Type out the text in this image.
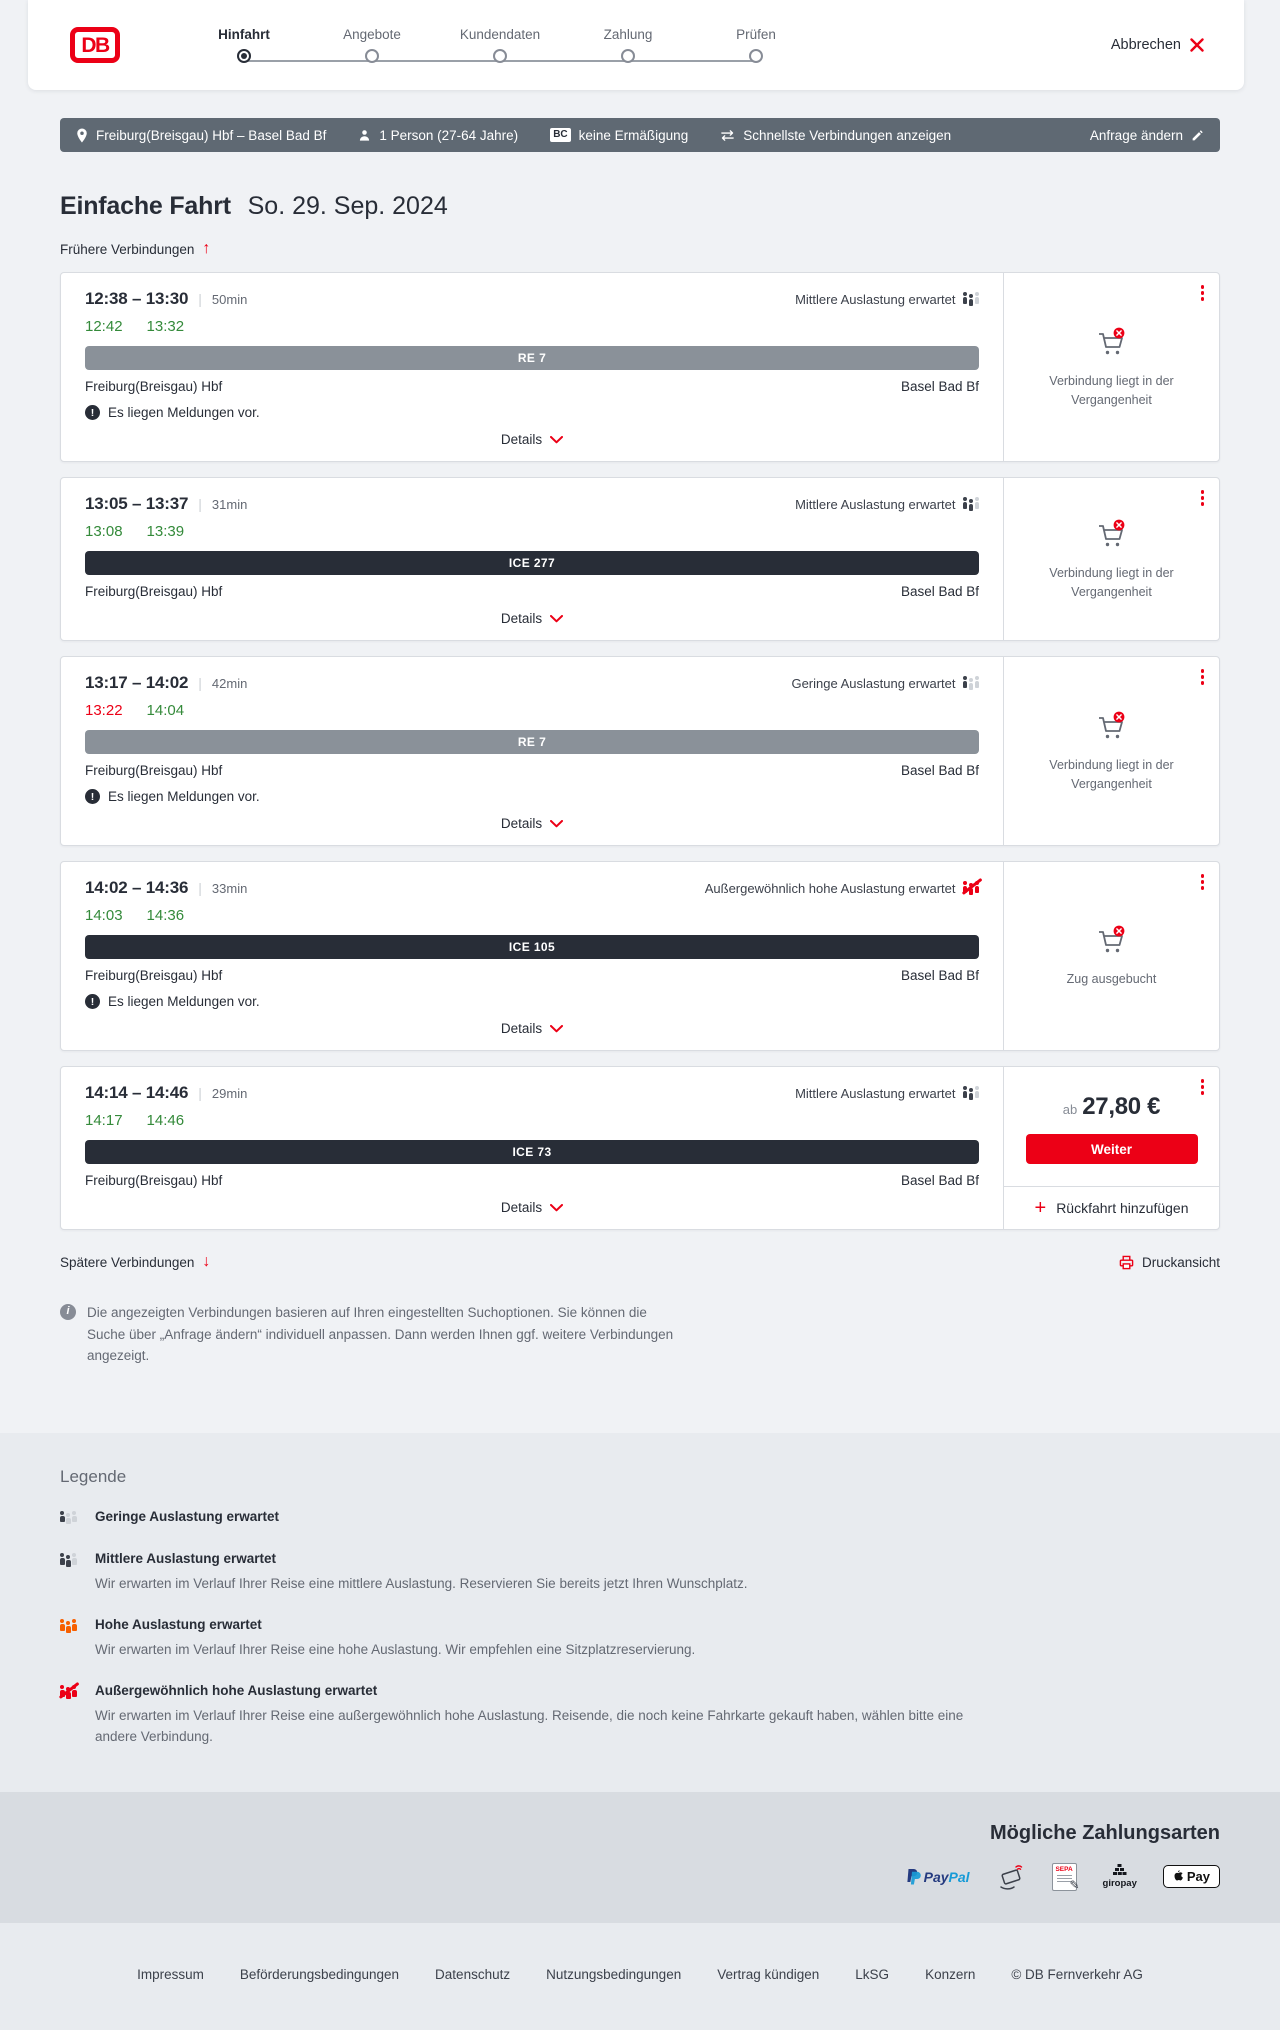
DB	Hinfahrt	Angebote	Kundendaten	Zahlung	Prüfen
Abbrechen
Freiburg(Breisgau) Hbf – Basel Bad Bf	1 Person (27-64 Jahre)	BC keine Ermäßigung	Schnellste Verbindungen anzeigen	Anfrage ändern
Einfache Fahrt So. 29. Sep. 2024
Frühere Verbindungen ↑
12:38 – 13:30 | 50min	Mittlere Auslastung erwartet
12:42 13:32
RE 7
Freiburg(Breisgau) Hbf	Basel Bad Bf
!	Es liegen Meldungen vor.
Details
Verbindung liegt in der Vergangenheit
13:05 – 13:37 | 31min	Mittlere Auslastung erwartet
13:08 13:39
ICE 277
Freiburg(Breisgau) Hbf	Basel Bad Bf
Details
Verbindung liegt in der Vergangenheit
13:17 – 14:02 | 42min	Geringe Auslastung erwartet
13:22 14:04
RE 7
Freiburg(Breisgau) Hbf	Basel Bad Bf
!	Es liegen Meldungen vor.
Details
Verbindung liegt in der Vergangenheit
14:02 – 14:36 | 33min	Außergewöhnlich hohe Auslastung erwartet
14:03 14:36
ICE 105
Freiburg(Breisgau) Hbf	Basel Bad Bf
!	Es liegen Meldungen vor.
Details
Zug ausgebucht
14:14 – 14:46 | 29min	Mittlere Auslastung erwartet
14:17 14:46
ICE 73
Freiburg(Breisgau) Hbf	Basel Bad Bf
Details
ab 27,80 €
Weiter
+ Rückfahrt hinzufügen
Spätere Verbindungen ↓	Druckansicht
i	Die angezeigten Verbindungen basieren auf Ihren eingestellten Suchoptionen. Sie können die Suche über „Anfrage ändern“ individuell anpassen. Dann werden Ihnen ggf. weitere Verbindungen angezeigt.
Legende
Geringe Auslastung erwartet
Mittlere Auslastung erwartet
Wir erwarten im Verlauf Ihrer Reise eine mittlere Auslastung. Reservieren Sie bereits jetzt Ihren Wunschplatz.
Hohe Auslastung erwartet
Wir erwarten im Verlauf Ihrer Reise eine hohe Auslastung. Wir empfehlen eine Sitzplatzreservierung.
Außergewöhnlich hohe Auslastung erwartet
Wir erwarten im Verlauf Ihrer Reise eine außergewöhnlich hohe Auslastung. Reisende, die noch keine Fahrkarte gekauft haben, wählen bitte eine andere Verbindung.
Mögliche Zahlungsarten
PayPal	SEPA
✎ giropay	Pay
Impressum	Beförderungsbedingungen	Datenschutz	Nutzungsbedingungen	Vertrag kündigen	LkSG	Konzern	© DB Fernverkehr AG
